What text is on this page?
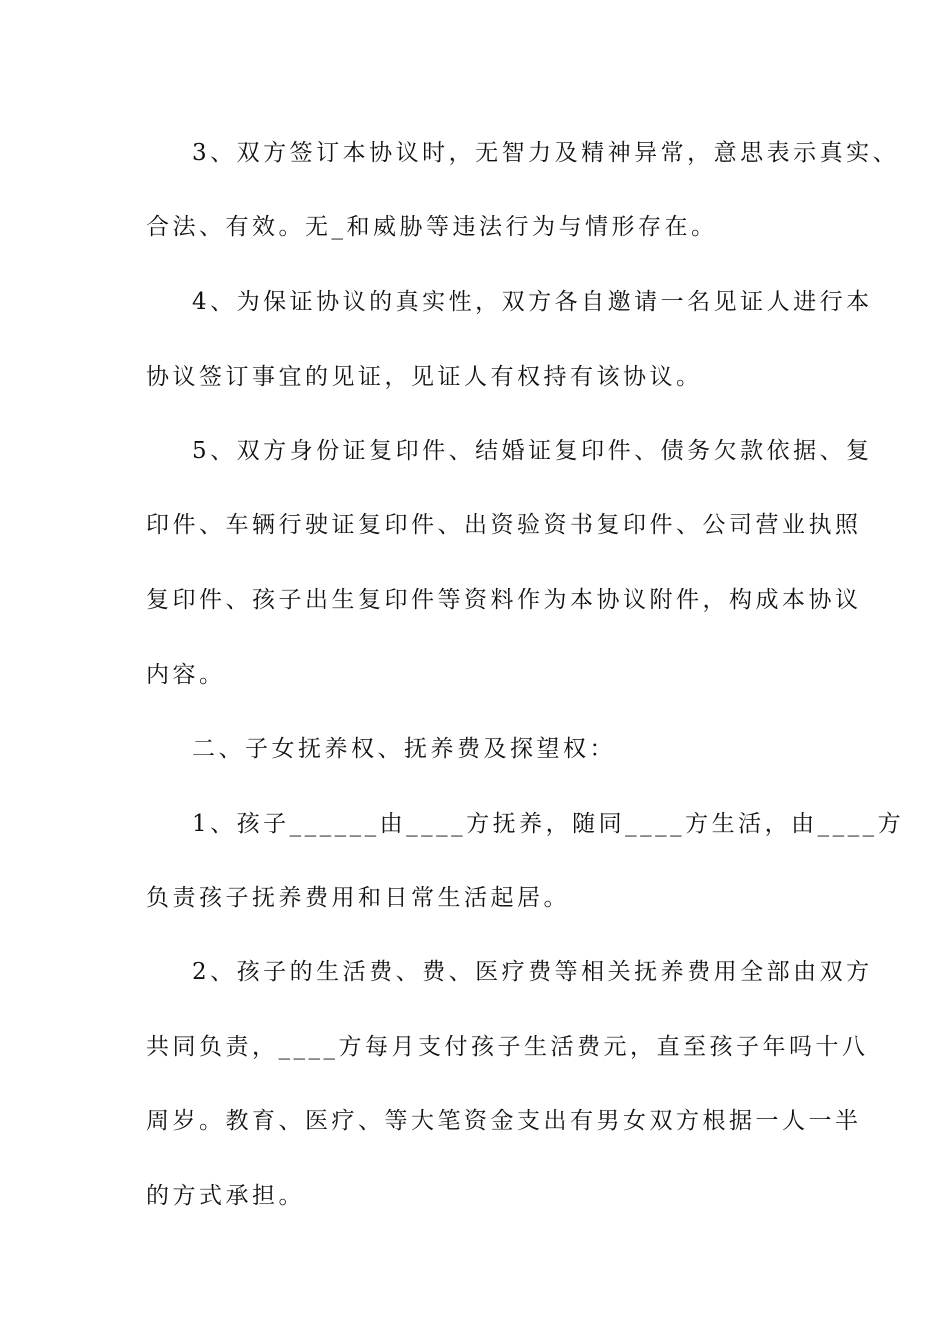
3、双方签订本协议时，无智力及精神异常，意思表示真实、
合法、有效。无_和威胁等违法行为与情形存在。
4、为保证协议的真实性，双方各自邀请一名见证人进行本
协议签订事宜的见证，见证人有权持有该协议。
5、双方身份证复印件、结婚证复印件、债务欠款依据、复
印件、车辆行驶证复印件、出资验资书复印件、公司营业执照
复印件、孩子出生复印件等资料作为本协议附件，构成本协议
内容。
二、子女抚养权、抚养费及探望权：
1、孩子______由____方抚养，随同____方生活，由____方
负责孩子抚养费用和日常生活起居。
2、孩子的生活费、费、医疗费等相关抚养费用全部由双方
共同负责，____方每月支付孩子生活费元，直至孩子年吗十八
周岁。教育、医疗、等大笔资金支出有男女双方根据一人一半
的方式承担。
